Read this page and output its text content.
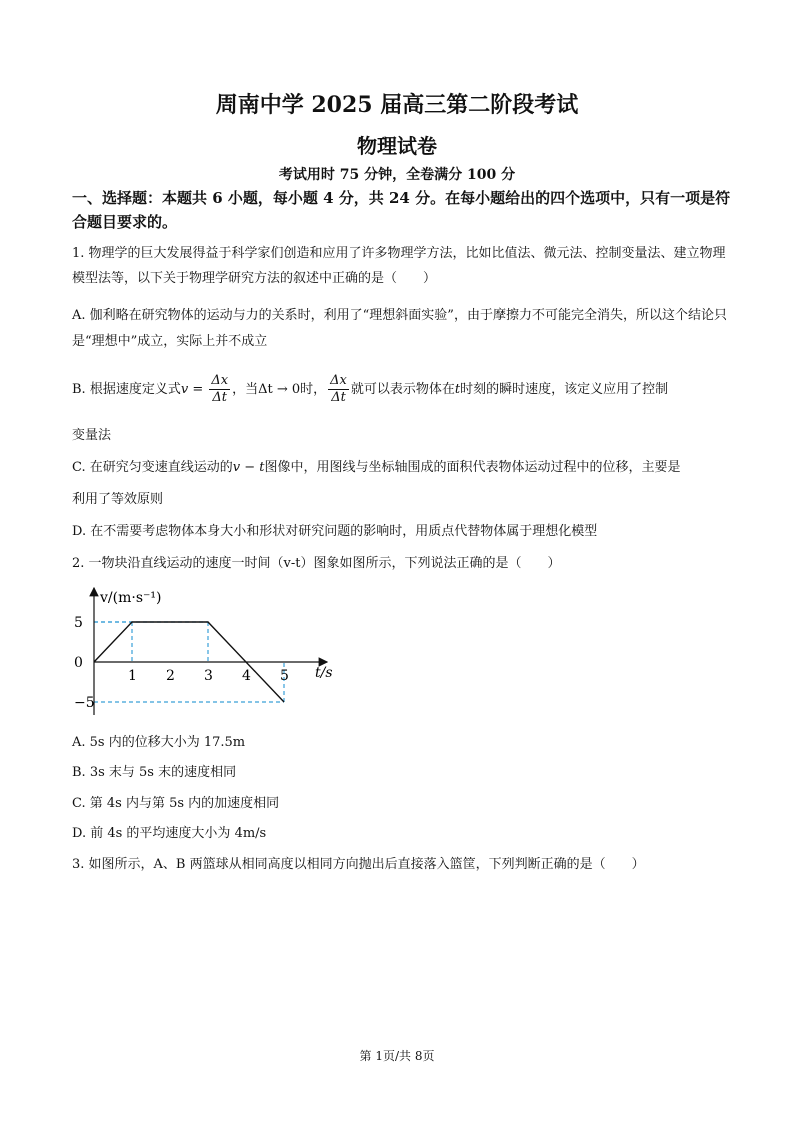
周南中学 2025 届高三第二阶段考试
物理试卷
考试用时 75 分钟，全卷满分 100 分
一、选择题：本题共 6 小题，每小题 4 分，共 24 分。在每小题给出的四个选项中，只有一项是符合题目要求的。
1. 物理学的巨大发展得益于科学家们创造和应用了许多物理学方法，比如比值法、微元法、控制变量法、建立物理模型法等，以下关于物理学研究方法的叙述中正确的是（　　）
A. 伽利略在研究物体的运动与力的关系时，利用了“理想斜面实验”，由于摩擦力不可能完全消失，所以这个结论只是“理想中”成立，实际上并不成立
B. 根据速度定义式$v = \frac{\Delta x}{\Delta t}$ ，当Δt → 0时， $\frac{\Delta x}{\Delta t}$ 就可以表示物体在t时刻的瞬时速度，该定义应用了控制
变量法
C. 在研究匀变速直线运动的v − t图像中，用图线与坐标轴围成的面积代表物体运动过程中的位移，主要是
利用了等效原则
D. 在不需要考虑物体本身大小和形状对研究问题的影响时，用质点代替物体属于理想化模型
2. 一物块沿直线运动的速度一时间（v-t）图象如图所示，下列说法正确的是（　　）
1 2 3 4 5
5
0
−5
v/(m·s⁻¹)
t/s
A. 5s 内的位移大小为 17.5m
B. 3s 末与 5s 末的速度相同
C. 第 4s 内与第 5s 内的加速度相同
D. 前 4s 的平均速度大小为 4m/s
3. 如图所示，A、B 两篮球从相同高度以相同方向抛出后直接落入篮筐，下列判断正确的是（　　）
第 1页/共 8页
